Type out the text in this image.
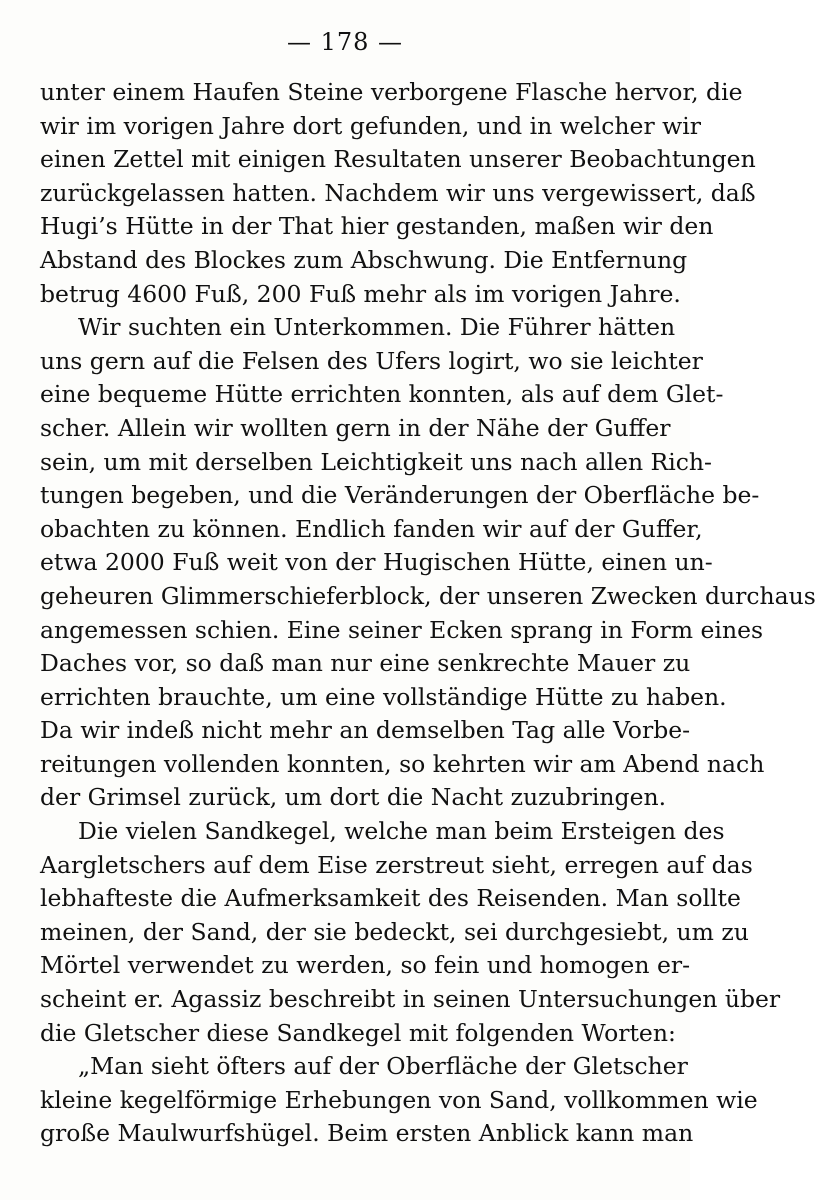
— 178 —
unter einem Haufen Steine verborgene Flasche hervor, die
wir im vorigen Jahre dort gefunden, und in welcher wir
einen Zettel mit einigen Resultaten unserer Beobachtungen
zurückgelassen hatten. Nachdem wir uns vergewissert, daß
Hugi’s Hütte in der That hier gestanden, maßen wir den
Abstand des Blockes zum Abschwung. Die Entfernung
betrug 4600 Fuß, 200 Fuß mehr als im vorigen Jahre.
Wir suchten ein Unterkommen. Die Führer hätten
uns gern auf die Felsen des Ufers logirt, wo sie leichter
eine bequeme Hütte errichten konnten, als auf dem Glet-
scher. Allein wir wollten gern in der Nähe der Guffer
sein, um mit derselben Leichtigkeit uns nach allen Rich-
tungen begeben, und die Veränderungen der Oberfläche be-
obachten zu können. Endlich fanden wir auf der Guffer,
etwa 2000 Fuß weit von der Hugischen Hütte, einen un-
geheuren Glimmerschieferblock, der unseren Zwecken durchaus
angemessen schien. Eine seiner Ecken sprang in Form eines
Daches vor, so daß man nur eine senkrechte Mauer zu
errichten brauchte, um eine vollständige Hütte zu haben.
Da wir indeß nicht mehr an demselben Tag alle Vorbe-
reitungen vollenden konnten, so kehrten wir am Abend nach
der Grimsel zurück, um dort die Nacht zuzubringen.
Die vielen Sandkegel, welche man beim Ersteigen des
Aargletschers auf dem Eise zerstreut sieht, erregen auf das
lebhafteste die Aufmerksamkeit des Reisenden. Man sollte
meinen, der Sand, der sie bedeckt, sei durchgesiebt, um zu
Mörtel verwendet zu werden, so fein und homogen er-
scheint er. Agassiz beschreibt in seinen Untersuchungen über
die Gletscher diese Sandkegel mit folgenden Worten:
„Man sieht öfters auf der Oberfläche der Gletscher
kleine kegelförmige Erhebungen von Sand, vollkommen wie
große Maulwurfshügel. Beim ersten Anblick kann man
